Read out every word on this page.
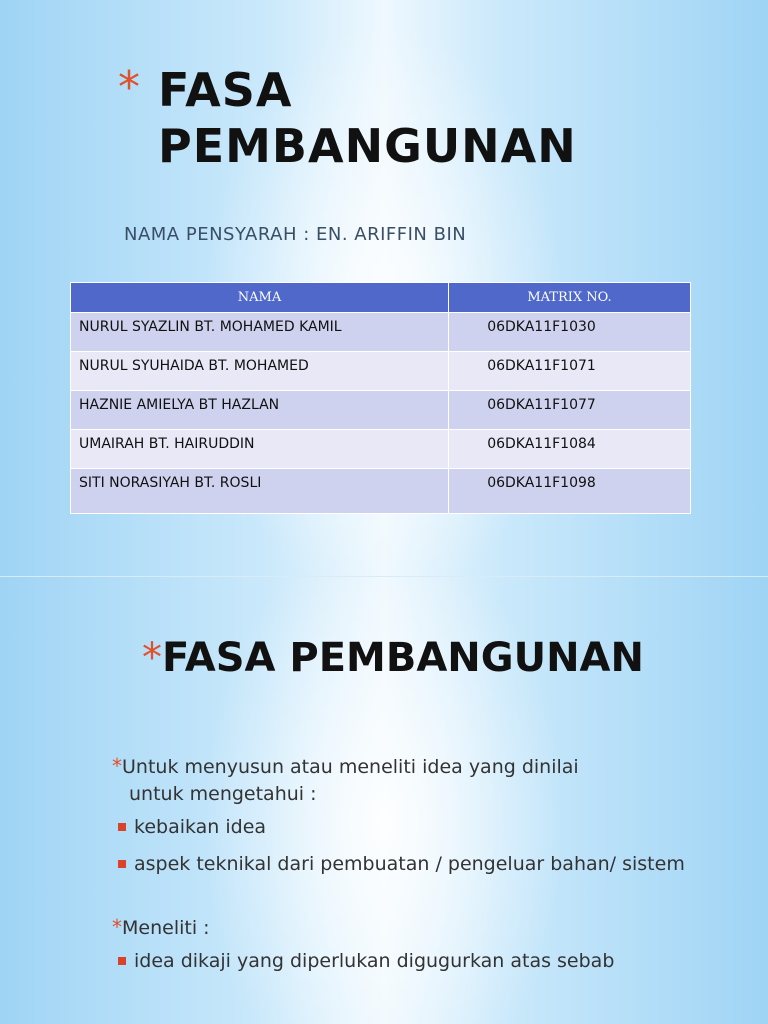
* FASA PEMBANGUNAN
NAMA PENSYARAH : EN. ARIFFIN BIN
NAMA	MATRIX NO.
NURUL SYAZLIN BT. MOHAMED KAMIL	06DKA11F1030
NURUL SYUHAIDA BT. MOHAMED	06DKA11F1071
HAZNIE AMIELYA BT HAZLAN	06DKA11F1077
UMAIRAH BT. HAIRUDDIN	06DKA11F1084
SITI NORASIYAH BT. ROSLI	06DKA11F1098
*FASA PEMBANGUNAN

*Untuk menyusun atau meneliti idea yang dinilai
untuk mengetahui :

kebaikan idea
aspek teknikal dari pembuatan / pengeluar bahan/ sistem

*Meneliti :

idea dikaji yang diperlukan digugurkan atas sebab
